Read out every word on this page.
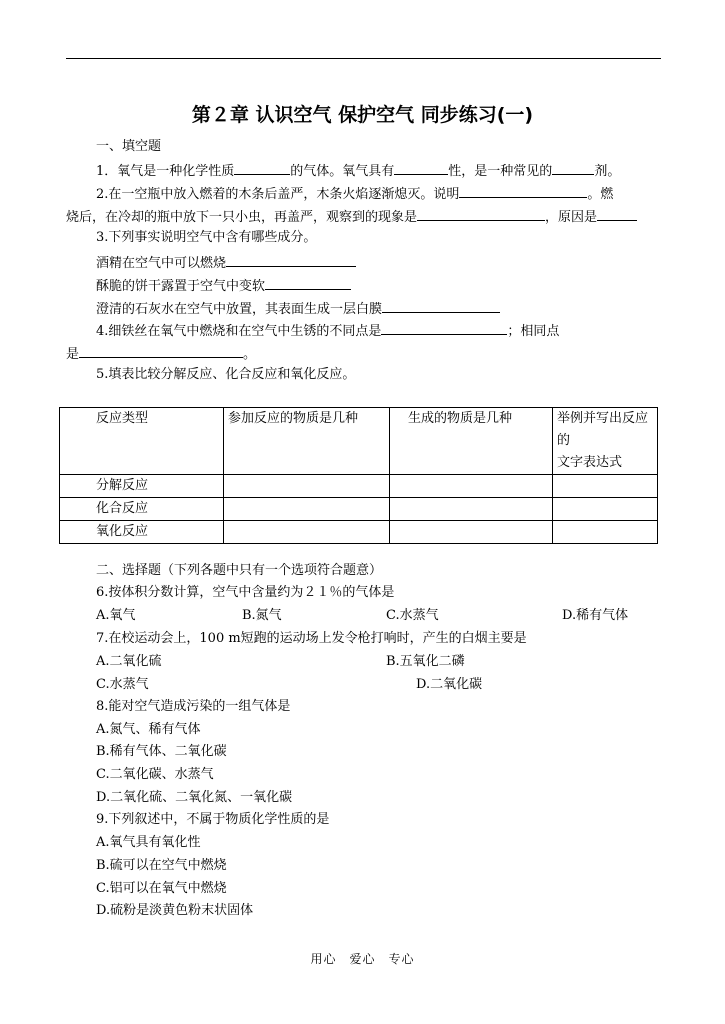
第２章 认识空气 保护空气 同步练习(一)
一、填空题
1．氧气是一种化学性质	的气体。氧气具有	性，是一种常见的	剂。
2.在一空瓶中放入燃着的木条后盖严，木条火焰逐渐熄灭。说明	。燃
烧后，在冷却的瓶中放下一只小虫，再盖严，观察到的现象是	，原因是
3.下列事实说明空气中含有哪些成分。
酒精在空气中可以燃烧
酥脆的饼干露置于空气中变软
澄清的石灰水在空气中放置，其表面生成一层白膜
4.细铁丝在氧气中燃烧和在空气中生锈的不同点是	；相同点
是	。
5.填表比较分解反应、化合反应和氧化反应。
反应类型	参加反应的物质是几种	生成的物质是几种	举例并写出反应的
文字表达式

分解反应			
化合反应			
氧化反应			
二、选择题（下列各题中只有一个选项符合题意）
6.按体积分数计算，空气中含量约为２１％的气体是
A.氧气	B.氮气	C.水蒸气	D.稀有气体
7.在校运动会上，100 m短跑的运动场上发令枪打响时，产生的白烟主要是
A.二氧化硫	B.五氧化二磷
C.水蒸气	D.二氧化碳
8.能对空气造成污染的一组气体是
A.氮气、稀有气体
B.稀有气体、二氧化碳
C.二氧化碳、水蒸气
D.二氧化硫、二氧化氮、一氧化碳
9.下列叙述中，不属于物质化学性质的是
A.氧气具有氧化性
B.硫可以在空气中燃烧
C.铝可以在氧气中燃烧
D.硫粉是淡黄色粉末状固体
用心　爱心　专心
